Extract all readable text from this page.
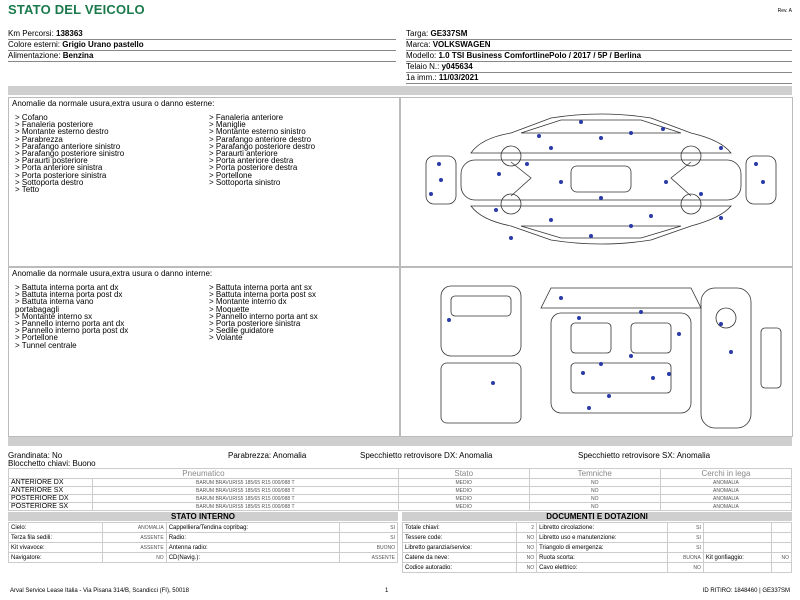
STATO DEL VEICOLO	Rev. A
Km Percorsi: 138363
Colore esterni: Grigio Urano pastello
Alimentazione: Benzina
Targa: GE337SM
Marca: VOLKSWAGEN
Modello: 1.0 TSI Business ComfortlinePolo / 2017 / 5P / Berlina
Telaio N.: y045634
1a imm.: 11/03/2021
Anomalie da normale usura,extra usura o danno esterne:
> Cofano
> Fanaleria posteriore
> Montante esterno destro
> Parabrezza
> Parafango anteriore sinistro
> Parafango posteriore sinistro
> Paraurti posteriore
> Porta anteriore sinistra
> Porta posteriore sinistra
> Sottoporta destro
> Tetto
> Fanaleria anteriore
> Maniglie
> Montante esterno sinistro
> Parafango anteriore destro
> Parafango posteriore destro
> Paraurti anteriore
> Porta anteriore destra
> Porta posteriore destra
> Portellone
> Sottoporta sinistro
Anomalie da normale usura,extra usura o danno interne:
> Battuta interna porta ant dx
> Battuta interna porta post dx
> Battuta interna vano
portabagagli
> Montante interno sx
> Pannello interno porta ant dx
> Pannello interno porta post dx
> Portellone
> Tunnel centrale
> Battuta interna porta ant sx
> Battuta interna porta post sx
> Montante interno dx
> Moquette
> Pannello interno porta ant sx
> Porta posteriore sinistra
> Sedile guidatore
> Volante
Grandinata: No	Parabrezza: Anomalia	Specchietto retrovisore DX: Anomalia	Specchietto retrovisore SX: Anomalia
Blocchetto chiavi: Buono
Pneumatico		Stato	Temniche	Cerchi in lega
ANTERIORE DX	BARUM BRAVURIS5 185/65 R15 000/088 T	MEDIO	NO	ANOMALIA
ANTERIORE SX	BARUM BRAVURIS5 185/65 R15 000/088 T	MEDIO	NO	ANOMALIA
POSTERIORE DX	BARUM BRAVURIS5 185/65 R15 000/088 T	MEDIO	NO	ANOMALIA
POSTERIORE SX	BARUM BRAVURIS5 185/65 R15 000/088 T	MEDIO	NO	ANOMALIA
STATO INTERNO
Cielo:	ANOMALIA	Cappelliera/Tendina copribag:	SI
Terza fila sedili:	ASSENTE	Radio:	SI
Kit vivavoce:	ASSENTE	Antenna radio:	BUONO
Navigatore:	NO	CD(Navig.):	ASSENTE
DOCUMENTI E DOTAZIONI
Totale chiavi:	2	Libretto circolazione:	SI		
Tessere code:	NO	Libretto uso e manutenzione:	SI		
Libretto garanzia/service:	NO	Triangolo di emergenza:	SI		
Catene da neve:	NO	Ruota scorta:	BUONA	Kit gonfiaggio:	NO
Codice autoradio:	NO	Cavo elettrico:	NO		
Arval Service Lease Italia - Via Pisana 314/B, Scandicci (FI), 50018	1	ID RITIRO: 1848460 | GE337SM
